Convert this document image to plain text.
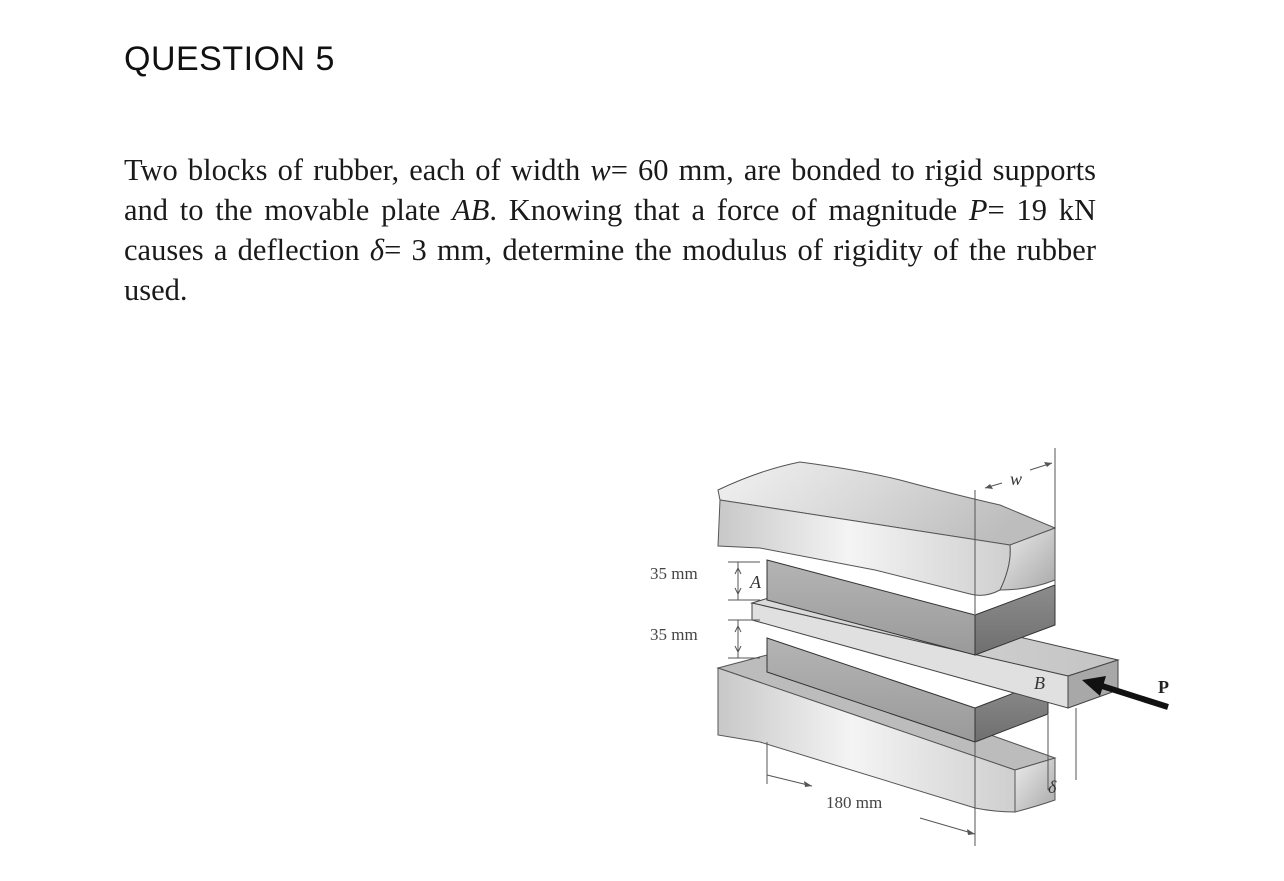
QUESTION 5
Two blocks of rubber, each of width w= 60 mm, are bonded to rigid supports and to the movable plate AB. Knowing that a force of magnitude P= 19 kN causes a deflection δ= 3 mm, determine the modulus of rigidity of the rubber used.
35 mm
35 mm
180 mm
A
B
w
P
δ
